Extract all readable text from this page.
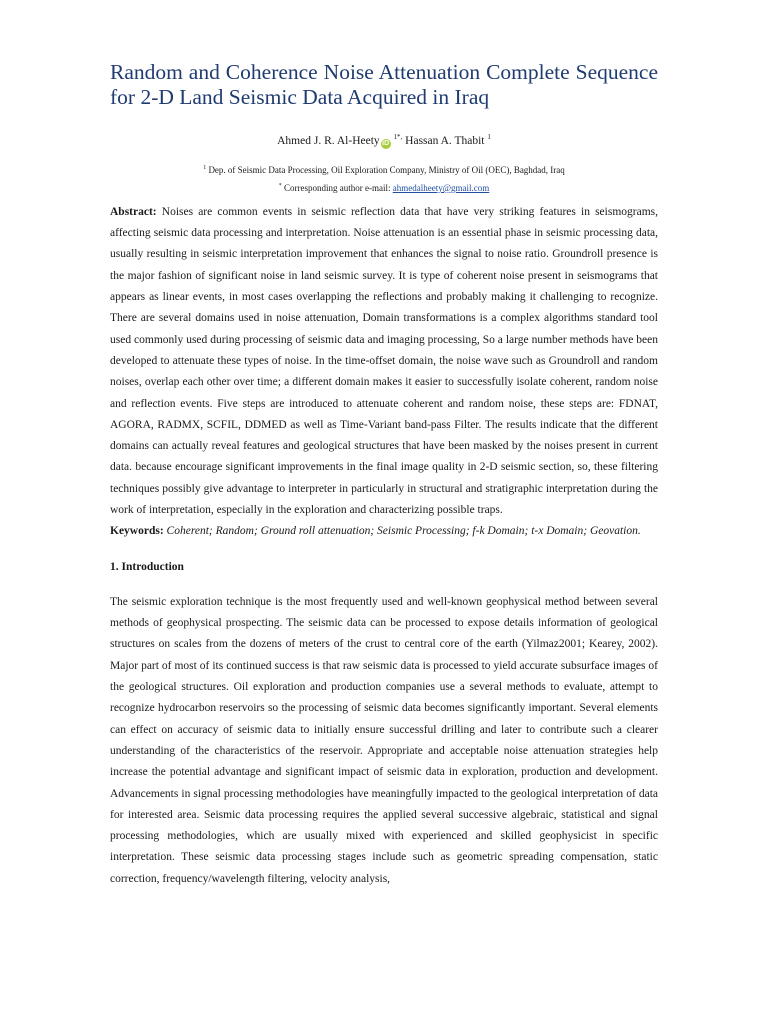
Random and Coherence Noise Attenuation Complete Sequence for 2-D Land Seismic Data Acquired in Iraq
Ahmed J. R. Al-Heety iD $^{1*,}$ Hassan A. Thabit $^1$
$^1$ Dep. of Seismic Data Processing, Oil Exploration Company, Ministry of Oil (OEC), Baghdad, Iraq
* Corresponding author e-mail: ahmedalheety@gmail.com
Abstract: Noises are common events in seismic reflection data that have very striking features in seismograms, affecting seismic data processing and interpretation. Noise attenuation is an essential phase in seismic processing data, usually resulting in seismic interpretation improvement that enhances the signal to noise ratio. Groundroll presence is the major fashion of significant noise in land seismic survey. It is type of coherent noise present in seismograms that appears as linear events, in most cases overlapping the reflections and probably making it challenging to recognize. There are several domains used in noise attenuation, Domain transformations is a complex algorithms standard tool used commonly used during processing of seismic data and imaging processing, So a large number methods have been developed to attenuate these types of noise. In the time-offset domain, the noise wave such as Groundroll and random noises, overlap each other over time; a different domain makes it easier to successfully isolate coherent, random noise and reflection events. Five steps are introduced to attenuate coherent and random noise, these steps are: FDNAT, AGORA, RADMX, SCFIL, DDMED as well as Time-Variant band-pass Filter. The results indicate that the different domains can actually reveal features and geological structures that have been masked by the noises present in current data. because encourage significant improvements in the final image quality in 2-D seismic section, so, these filtering techniques possibly give advantage to interpreter in particularly in structural and stratigraphic interpretation during the work of interpretation, especially in the exploration and characterizing possible traps.
Keywords: Coherent; Random; Ground roll attenuation; Seismic Processing; f-k Domain; t-x Domain; Geovation.
1. Introduction
The seismic exploration technique is the most frequently used and well-known geophysical method between several methods of geophysical prospecting. The seismic data can be processed to expose details information of geological structures on scales from the dozens of meters of the crust to central core of the earth (Yilmaz2001; Kearey, 2002). Major part of most of its continued success is that raw seismic data is processed to yield accurate subsurface images of the geological structures. Oil exploration and production companies use a several methods to evaluate, attempt to recognize hydrocarbon reservoirs so the processing of seismic data becomes significantly important. Several elements can effect on accuracy of seismic data to initially ensure successful drilling and later to contribute such a clearer understanding of the characteristics of the reservoir. Appropriate and acceptable noise attenuation strategies help increase the potential advantage and significant impact of seismic data in exploration, production and development. Advancements in signal processing methodologies have meaningfully impacted to the geological interpretation of data for interested area. Seismic data processing requires the applied several successive algebraic, statistical and signal processing methodologies, which are usually mixed with experienced and skilled geophysicist in specific interpretation. These seismic data processing stages include such as geometric spreading compensation, static correction, frequency/wavelength filtering, velocity analysis,
